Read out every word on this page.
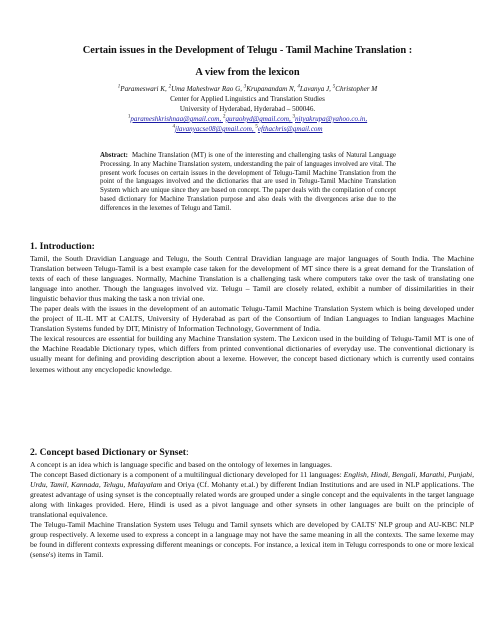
Certain issues in the Development of Telugu - Tamil Machine Translation :
A view from the lexicon
$^1$Parameswari K, $^2$Uma Maheshwar Rao G, $^3$Krupanandam N, $^4$Lavanya J, $^5$Christopher M
Center for Applied Linguistics and Translation Studies
University of Hyderabad, Hyderabad – 500046.
$^1$parameshkrishnaa@gmail.com, $^2$guraohyd@gmail.com, $^3$nityakrupa@yahoo.co.in,
$^4$jlavanyacse08@gmail.com, $^5$efthachris@gmail.com
Abstract: Machine Translation (MT) is one of the interesting and challenging tasks of Natural Language Processing. In any Machine Translation system, understanding the pair of languages involved are vital. The present work focuses on certain issues in the development of Telugu-Tamil Machine Translation from the point of the languages involved and the dictionaries that are used in Telugu-Tamil Machine Translation System which are unique since they are based on concept. The paper deals with the compilation of concept based dictionary for Machine Translation purpose and also deals with the divergences arise due to the differences in the lexemes of Telugu and Tamil.
1. Introduction:

Tamil, the South Dravidian Language and Telugu, the South Central Dravidian language are major languages of South India. The Machine Translation between Telugu-Tamil is a best example case taken for the development of MT since there is a great demand for the Translation of texts of each of these languages. Normally, Machine Translation is a challenging task where computers take over the task of translating one language into another. Though the languages involved viz. Telugu – Tamil are closely related, exhibit a number of dissimilarities in their linguistic behavior thus making the task a non trivial one.

The paper deals with the issues in the development of an automatic Telugu-Tamil Machine Translation System which is being developed under the project of IL-IL MT at CALTS, University of Hyderabad as part of the Consortium of Indian Languages to Indian languages Machine Translation Systems funded by DIT, Ministry of Information Technology, Government of India.

The lexical resources are essential for building any Machine Translation system. The Lexicon used in the building of Telugu-Tamil MT is one of the Machine Readable Dictionary types, which differs from printed conventional dictionaries of everyday use. The conventional dictionary is usually meant for defining and providing description about a lexeme. However, the concept based dictionary which is currently used contains lexemes without any encyclopedic knowledge.

2. Concept based Dictionary or Synset:

A concept is an idea which is language specific and based on the ontology of lexemes in languages.

The concept Based dictionary is a component of a multilingual dictionary developed for 11 languages: English, Hindi, Bengali, Marathi, Punjabi, Urdu, Tamil, Kannada, Telugu, Malayalam and Oriya (Cf. Mohanty et.al.) by different Indian Institutions and are used in NLP applications. The greatest advantage of using synset is the conceptually related words are grouped under a single concept and the equivalents in the target language along with linkages provided. Here, Hindi is used as a pivot language and other synsets in other languages are built on the principle of translational equivalence.

The Telugu-Tamil Machine Translation System uses Telugu and Tamil synsets which are developed by CALTS' NLP group and AU-KBC NLP group respectively. A lexeme used to express a concept in a language may not have the same meaning in all the contexts. The same lexeme may be found in different contexts expressing different meanings or concepts. For instance, a lexical item in Telugu corresponds to one or more lexical (sense's) items in Tamil.
